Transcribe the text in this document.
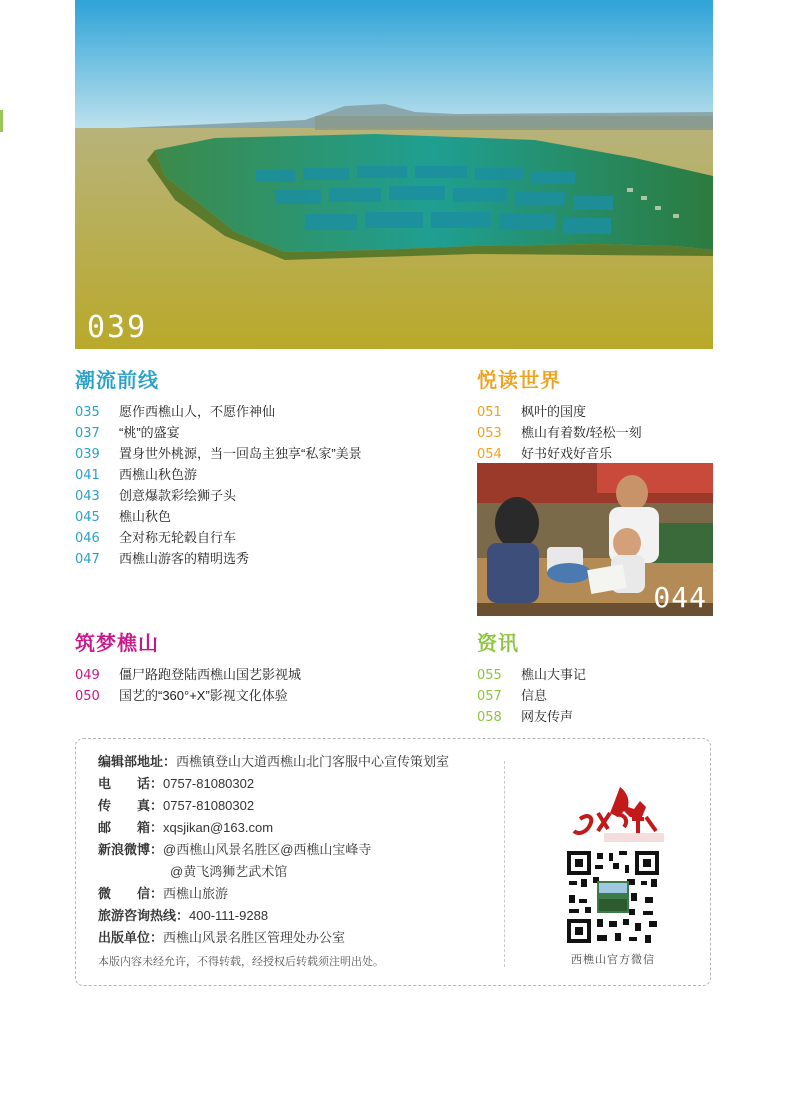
039
潮流前线
035	愿作西樵山人，不愿作神仙
037	“桃”的盛宴
039	置身世外桃源，当一回岛主独享“私家”美景
041	西樵山秋色游
043	创意爆款彩绘狮子头
045	樵山秋色
046	全对称无轮毂自行车
047	西樵山游客的精明选秀
悦读世界
051	枫叶的国度
053	樵山有着数/轻松一刻
054	好书好戏好音乐
044
筑梦樵山
049	僵尸路跑登陆西樵山国艺影视城
050	国艺的“360°+X”影视文化体验
资讯
055	樵山大事记
057	信息
058	网友传声
编辑部地址： 西樵镇登山大道西樵山北门客服中心宣传策划室
电　　话： 0757-81080302
传　　真： 0757-81080302
邮　　箱： xqsjikan@163.com
新浪微博： @西樵山风景名胜区@西樵山宝峰寺
@黄飞鸿狮艺武术馆
微　　信： 西樵山旅游
旅游咨询热线： 400-111-9288
出版单位： 西樵山风景名胜区管理处办公室
本版内容未经允许，不得转载，经授权后转载须注明出处。	西樵山官方微信
